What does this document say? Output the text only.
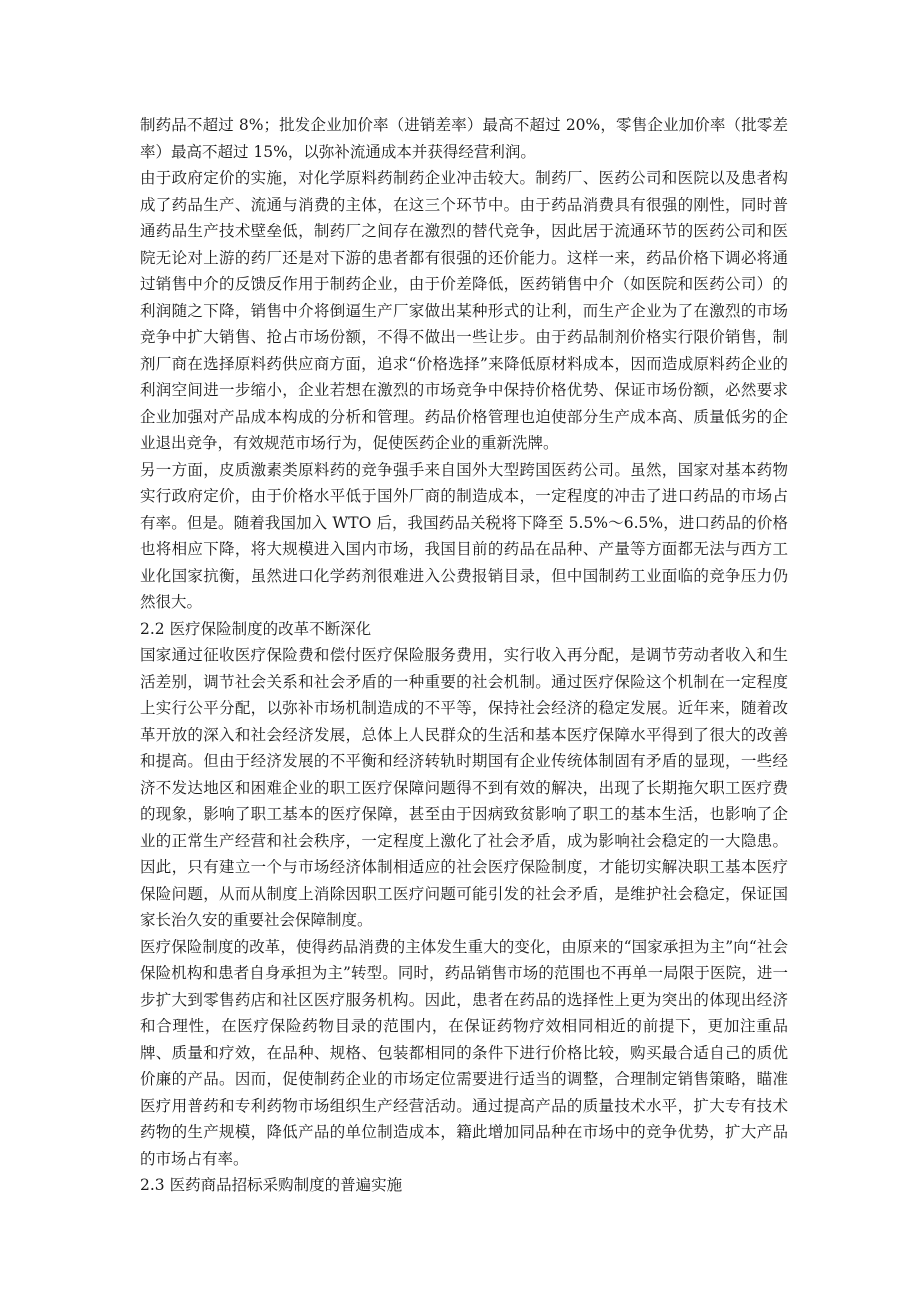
制药品不超过 8%；批发企业加价率（进销差率）最高不超过 20%，零售企业加价率（批零差率）最高不超过 15%，以弥补流通成本并获得经营利润。

由于政府定价的实施，对化学原料药制药企业冲击较大。制药厂、医药公司和医院以及患者构成了药品生产、流通与消费的主体，在这三个环节中。由于药品消费具有很强的刚性，同时普通药品生产技术壁垒低，制药厂之间存在激烈的替代竞争，因此居于流通环节的医药公司和医院无论对上游的药厂还是对下游的患者都有很强的还价能力。这样一来，药品价格下调必将通过销售中介的反馈反作用于制药企业，由于价差降低，医药销售中介（如医院和医药公司）的利润随之下降，销售中介将倒逼生产厂家做出某种形式的让利，而生产企业为了在激烈的市场竞争中扩大销售、抢占市场份额，不得不做出一些让步。由于药品制剂价格实行限价销售，制剂厂商在选择原料药供应商方面，追求“价格选择”来降低原材料成本，因而造成原料药企业的利润空间进一步缩小，企业若想在激烈的市场竞争中保持价格优势、保证市场份额，必然要求企业加强对产品成本构成的分析和管理。药品价格管理也迫使部分生产成本高、质量低劣的企业退出竞争，有效规范市场行为，促使医药企业的重新洗牌。

另一方面，皮质激素类原料药的竞争强手来自国外大型跨国医药公司。虽然，国家对基本药物实行政府定价，由于价格水平低于国外厂商的制造成本，一定程度的冲击了进口药品的市场占有率。但是。随着我国加入 WTO 后，我国药品关税将下降至 5.5%～6.5%，进口药品的价格也将相应下降，将大规模进入国内市场，我国目前的药品在品种、产量等方面都无法与西方工业化国家抗衡，虽然进口化学药剂很难进入公费报销目录，但中国制药工业面临的竞争压力仍然很大。

2.2 医疗保险制度的改革不断深化

国家通过征收医疗保险费和偿付医疗保险服务费用，实行收入再分配，是调节劳动者收入和生活差别，调节社会关系和社会矛盾的一种重要的社会机制。通过医疗保险这个机制在一定程度上实行公平分配，以弥补市场机制造成的不平等，保持社会经济的稳定发展。近年来，随着改革开放的深入和社会经济发展，总体上人民群众的生活和基本医疗保障水平得到了很大的改善和提高。但由于经济发展的不平衡和经济转轨时期国有企业传统体制固有矛盾的显现，一些经济不发达地区和困难企业的职工医疗保障问题得不到有效的解决，出现了长期拖欠职工医疗费的现象，影响了职工基本的医疗保障，甚至由于因病致贫影响了职工的基本生活，也影响了企业的正常生产经营和社会秩序，一定程度上激化了社会矛盾，成为影响社会稳定的一大隐患。因此，只有建立一个与市场经济体制相适应的社会医疗保险制度，才能切实解决职工基本医疗保险问题，从而从制度上消除因职工医疗问题可能引发的社会矛盾，是维护社会稳定，保证国家长治久安的重要社会保障制度。

医疗保险制度的改革，使得药品消费的主体发生重大的变化，由原来的“国家承担为主”向“社会保险机构和患者自身承担为主”转型。同时，药品销售市场的范围也不再单一局限于医院，进一步扩大到零售药店和社区医疗服务机构。因此，患者在药品的选择性上更为突出的体现出经济和合理性，在医疗保险药物目录的范围内，在保证药物疗效相同相近的前提下，更加注重品牌、质量和疗效，在品种、规格、包装都相同的条件下进行价格比较，购买最合适自己的质优价廉的产品。因而，促使制药企业的市场定位需要进行适当的调整，合理制定销售策略，瞄准医疗用普药和专利药物市场组织生产经营活动。通过提高产品的质量技术水平，扩大专有技术药物的生产规模，降低产品的单位制造成本，籍此增加同品种在市场中的竞争优势，扩大产品的市场占有率。

2.3 医药商品招标采购制度的普遍实施
